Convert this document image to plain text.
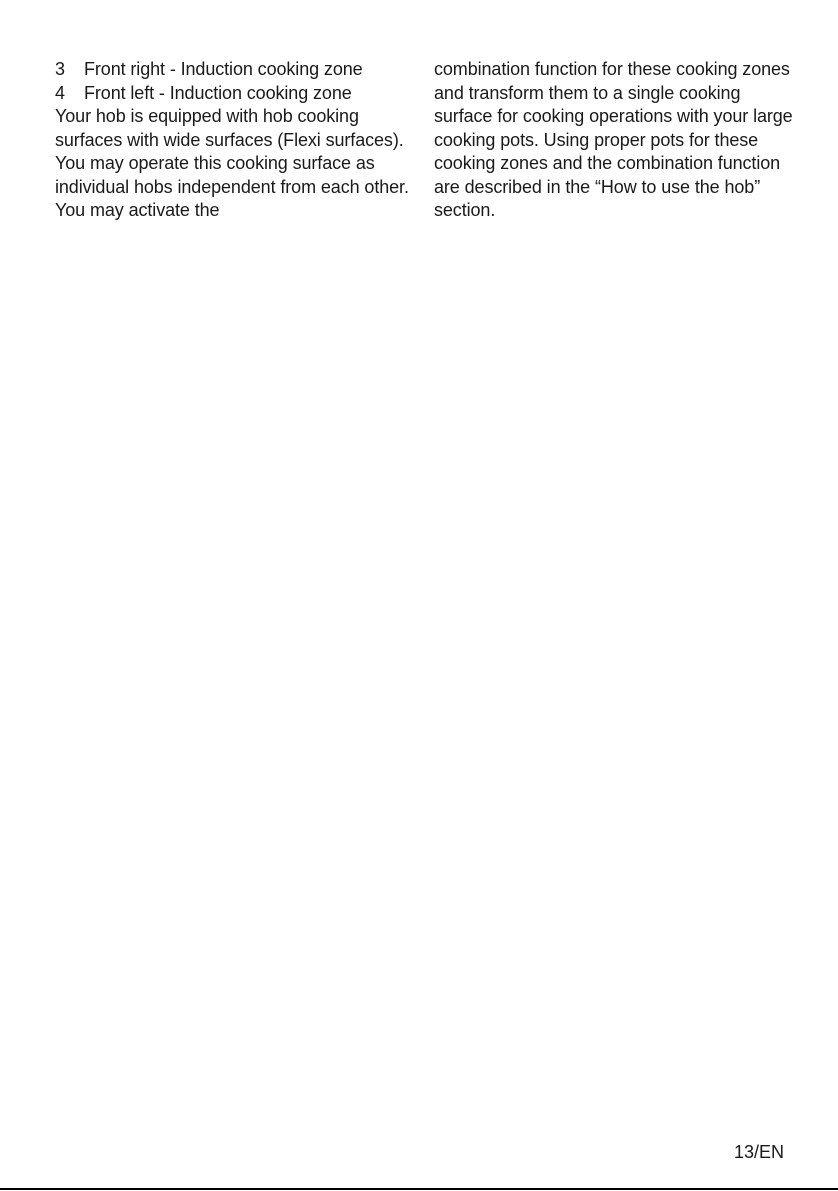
3	Front right - Induction cooking zone
4	Front left - Induction cooking zone

Your hob is equipped with hob cooking surfaces with wide surfaces (Flexi surfaces). You may operate this cooking surface as individual hobs independent from each other. You may activate the

combination function for these cooking zones and transform them to a single cooking surface for cooking operations with your large cooking pots. Using proper pots for these cooking zones and the combination function are described in the “How to use the hob” section.

13/EN
